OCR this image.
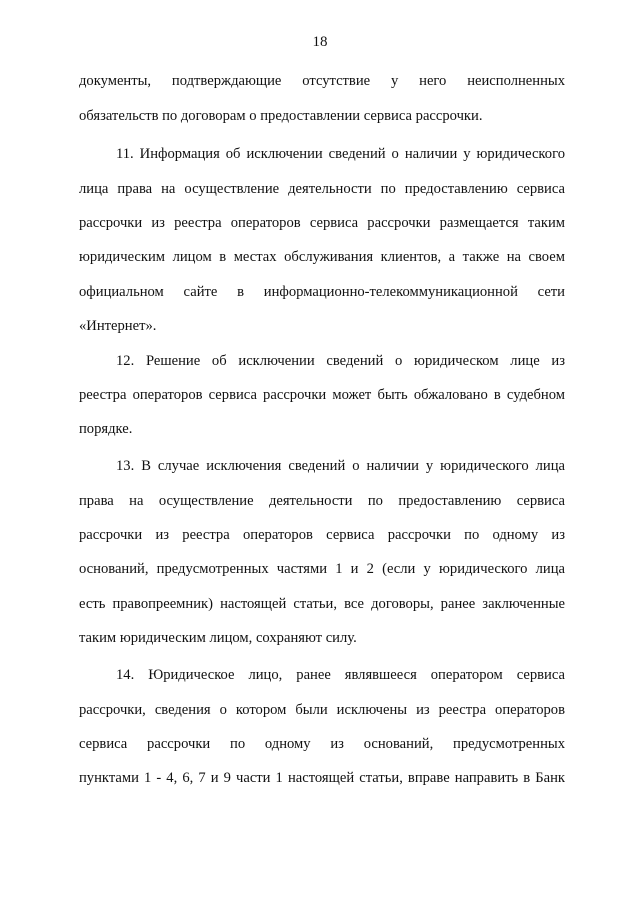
18
документы, подтверждающие отсутствие у него неисполненных
обязательств по договорам о предоставлении сервиса рассрочки.
11. Информация об исключении сведений о наличии у юридического
лица права на осуществление деятельности по предоставлению сервиса
рассрочки из реестра операторов сервиса рассрочки размещается таким
юридическим лицом в местах обслуживания клиентов, а также на своем
официальном сайте в информационно-телекоммуникационной сети
«Интернет».
12. Решение об исключении сведений о юридическом лице из
реестра операторов сервиса рассрочки может быть обжаловано в судебном
порядке.
13. В случае исключения сведений о наличии у юридического лица
права на осуществление деятельности по предоставлению сервиса
рассрочки из реестра операторов сервиса рассрочки по одному из
оснований, предусмотренных частями 1 и 2 (если у юридического лица
есть правопреемник) настоящей статьи, все договоры, ранее заключенные
таким юридическим лицом, сохраняют силу.
14. Юридическое лицо, ранее являвшееся оператором сервиса
рассрочки, сведения о котором были исключены из реестра операторов
сервиса рассрочки по одному из оснований, предусмотренных
пунктами 1 - 4, 6, 7 и 9 части 1 настоящей статьи, вправе направить в Банк
